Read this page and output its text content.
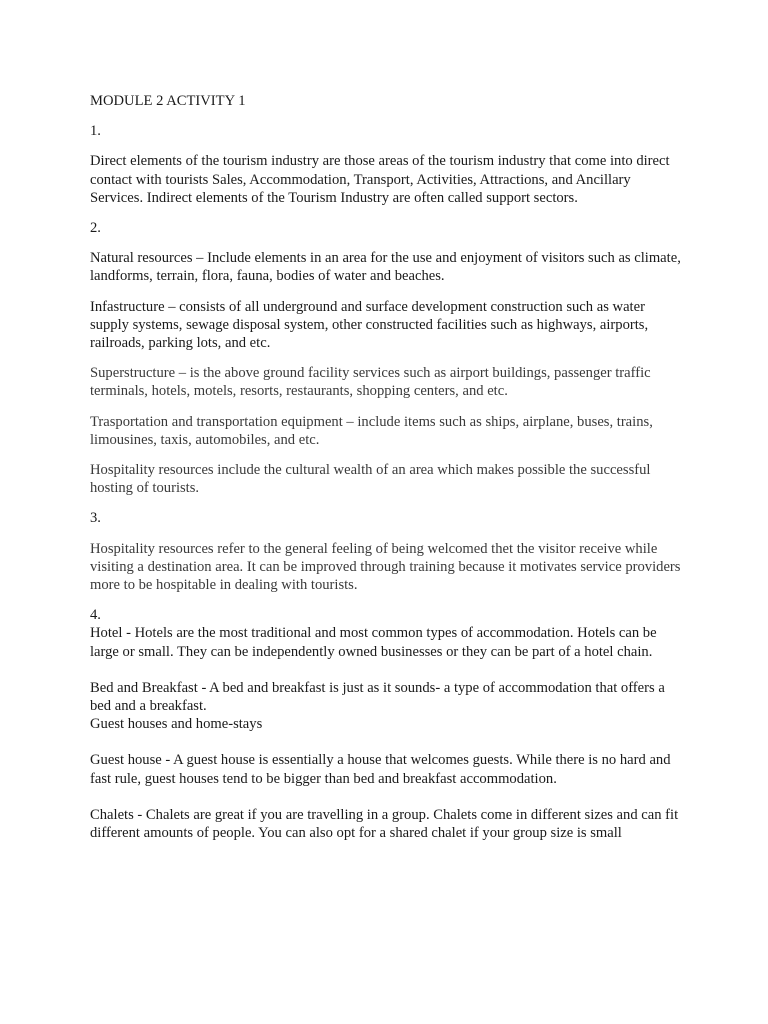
MODULE 2 ACTIVITY 1

1.

Direct elements of the tourism industry are those areas of the tourism industry that come into direct contact with tourists Sales, Accommodation, Transport, Activities, Attractions, and Ancillary Services. Indirect elements of the Tourism Industry are often called support sectors.

2.

Natural resources – Include elements in an area for the use and enjoyment of visitors such as climate, landforms, terrain, flora, fauna, bodies of water and beaches.

Infastructure – consists of all underground and surface development construction such as water supply systems, sewage disposal system, other constructed facilities such as highways, airports, railroads, parking lots, and etc.

Superstructure – is the above ground facility services such as airport buildings, passenger traffic terminals, hotels, motels, resorts, restaurants, shopping centers, and etc.

Trasportation and transportation equipment – include items such as ships, airplane, buses, trains, limousines, taxis, automobiles, and etc.

Hospitality resources include the cultural wealth of an area which makes possible the successful hosting of tourists.

3.

Hospitality resources refer to the general feeling of being welcomed thet the visitor receive while visiting a destination area. It can be improved through training because it motivates service providers more to be hospitable in dealing with tourists.

4.

Hotel - Hotels are the most traditional and most common types of accommodation. Hotels can be large or small. They can be independently owned businesses or they can be part of a hotel chain.

Bed and Breakfast - A bed and breakfast is just as it sounds- a type of accommodation that offers a bed and a breakfast.

Guest houses and home-stays

Guest house - A guest house is essentially a house that welcomes guests. While there is no hard and fast rule, guest houses tend to be bigger than bed and breakfast accommodation.

Chalets - Chalets are great if you are travelling in a group. Chalets come in different sizes and can fit different amounts of people. You can also opt for a shared chalet if your group size is small
